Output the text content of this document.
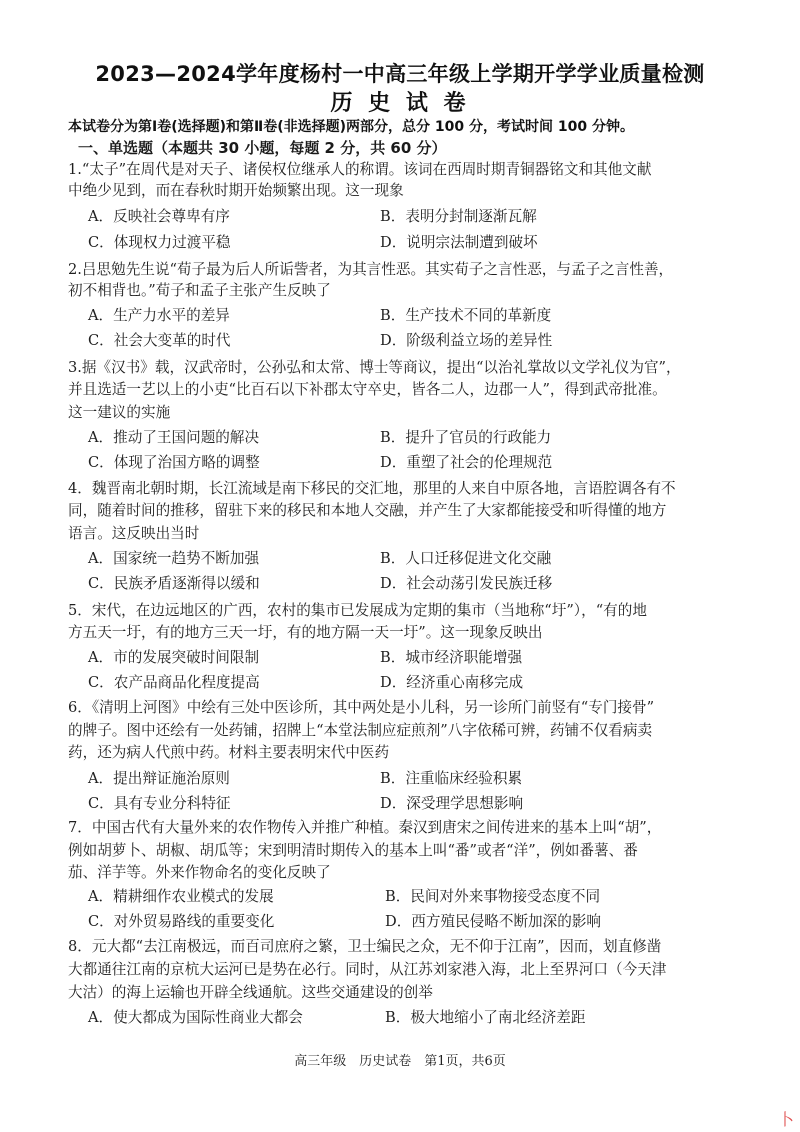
2023—2024学年度杨村一中高三年级上学期开学学业质量检测
历 史 试 卷
本试卷分为第Ⅰ卷(选择题)和第Ⅱ卷(非选择题)两部分，总分 100 分，考试时间 100 分钟。
一、单选题（本题共 30 小题，每题 2 分，共 60 分）
1.“太子”在周代是对天子、诸侯权位继承人的称谓。该词在西周时期青铜器铭文和其他文献
中绝少见到，而在春秋时期开始频繁出现。这一现象
A．反映社会尊卑有序	B．表明分封制逐渐瓦解
C．体现权力过渡平稳	D．说明宗法制遭到破坏
2.吕思勉先生说“荀子最为后人所诟訾者，为其言性恶。其实荀子之言性恶，与孟子之言性善，
初不相背也。”荀子和孟子主张产生反映了
A．生产力水平的差异	B．生产技术不同的革新度
C．社会大变革的时代	D．阶级利益立场的差异性
3.据《汉书》载，汉武帝时，公孙弘和太常、博士等商议，提出“以治礼掌故以文学礼仪为官”，
并且选适一艺以上的小吏“比百石以下补郡太守卒史，皆各二人，边郡一人”，得到武帝批准。
这一建议的实施
A．推动了王国问题的解决	B．提升了官员的行政能力
C．体现了治国方略的调整	D．重塑了社会的伦理规范
4．魏晋南北朝时期，长江流域是南下移民的交汇地，那里的人来自中原各地，言语腔调各有不
同，随着时间的推移，留驻下来的移民和本地人交融，并产生了大家都能接受和听得懂的地方
语言。这反映出当时
A．国家统一趋势不断加强	B．人口迁移促进文化交融
C．民族矛盾逐渐得以缓和	D．社会动荡引发民族迁移
5．宋代，在边远地区的广西，农村的集市已发展成为定期的集市（当地称“圩”），“有的地
方五天一圩，有的地方三天一圩，有的地方隔一天一圩”。这一现象反映出
A．市的发展突破时间限制	B．城市经济职能增强
C．农产品商品化程度提高	D．经济重心南移完成
6．《清明上河图》中绘有三处中医诊所，其中两处是小儿科，另一诊所门前竖有“专门接骨”
的牌子。图中还绘有一处药铺，招牌上“本堂法制应症煎剂”八字依稀可辨，药铺不仅看病卖
药，还为病人代煎中药。材料主要表明宋代中医药
A．提出辩证施治原则	B．注重临床经验积累
C．具有专业分科特征	D．深受理学思想影响
7．中国古代有大量外来的农作物传入并推广种植。秦汉到唐宋之间传进来的基本上叫“胡”，
例如胡萝卜、胡椒、胡瓜等；宋到明清时期传入的基本上叫“番”或者“洋”，例如番薯、番
茄、洋芋等。外来作物命名的变化反映了
A．精耕细作农业模式的发展	B．民间对外来事物接受态度不同
C．对外贸易路线的重要变化	D．西方殖民侵略不断加深的影响
8．元大都“去江南极远，而百司庶府之繁，卫士编民之众，无不仰于江南”，因而，划直修凿
大都通往江南的京杭大运河已是势在必行。同时，从江苏刘家港入海，北上至界河口（今天津
大沽）的海上运输也开辟全线通航。这些交通建设的创举
A．使大都成为国际性商业大都会	B．极大地缩小了南北经济差距
高三年级　历史试卷　第1页，共6页
卜
